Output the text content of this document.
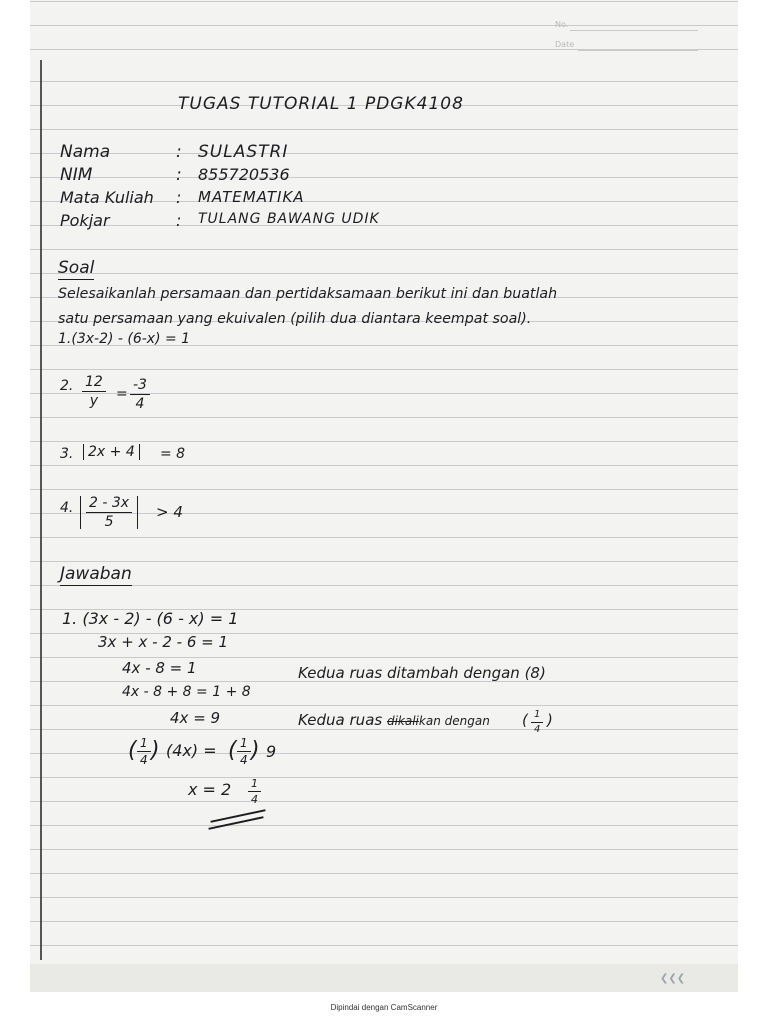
No.
Date
TUGAS TUTORIAL 1 PDGK4108
Nama	: SULASTRI
NIM	: 855720536
Mata Kuliah : MATEMATIKA
Pokjar	: TULANG BAWANG UDIK
Soal
Selesaikanlah persamaan dan pertidaksamaan berikut ini dan buatlah
satu persamaan yang ekuivalen (pilih dua diantara keempat soal).
1.(3x-2) - (6-x) = 1
2. $\frac{12}{y} = \frac{-3}{4}$
3.	2x + 4	= 8
4. $\frac{2 - 3x}{5} > 4$
Jawaban
1. (3x - 2) - (6 - x) = 1
3x + x - 2 - 6 = 1
4x - 8 = 1	Kedua ruas ditambah dengan (8)
4x - 8 + 8 = 1 + 8
4x = 9	Kedua ruas dikalikan dengan ( $\frac{1}{4}$ )
( $\frac{1}{4}$ ) (4x) = ( $\frac{1}{4}$ ) 9
$x = 2 \frac{1}{4}$
❮❮❮
Dipindai dengan CamScanner
